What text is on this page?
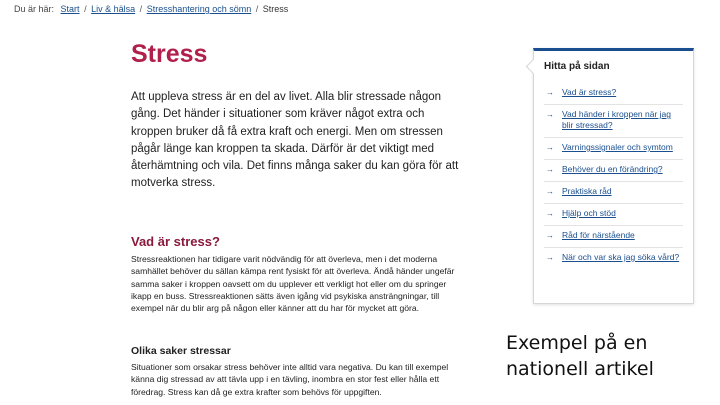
Du är här: Start / Liv & hälsa / Stresshantering och sömn / Stress
Stress

Att uppleva stress är en del av livet. Alla blir stressade någon gång. Det händer i situationer som kräver något extra och kroppen bruker då få extra kraft och energi. Men om stressen pågår länge kan kroppen ta skada. Därför är det viktigt med återhämtning och vila. Det finns många saker du kan göra för att motverka stress.

Vad är stress?

Stressreaktionen har tidigare varit nödvändig för att överleva, men i det moderna samhället behöver du sällan kämpa rent fysiskt för att överleva. Ändå händer ungefär samma saker i kroppen oavsett om du upplever ett verkligt hot eller om du springer ikapp en buss. Stressreaktionen sätts även igång vid psykiska ansträngningar, till exempel när du blir arg på någon eller känner att du har för mycket att göra.

Olika saker stressar

Situationer som orsakar stress behöver inte alltid vara negativa. Du kan till exempel känna dig stressad av att tävla upp i en tävling, inombra en stor fest eller hålla ett föredrag. Stress kan då ge extra krafter som behövs för uppgiften.

Hitta på sidan
→ Vad är stress?
→ Vad händer i kroppen när jag blir stressad?
→ Varningssignaler och symtom
→ Behöver du en förändring?
→ Praktiska råd
→ Hjälp och stöd
→ Råd för närstående
→ När och var ska jag söka vård?

Exempel på en nationell artikel
